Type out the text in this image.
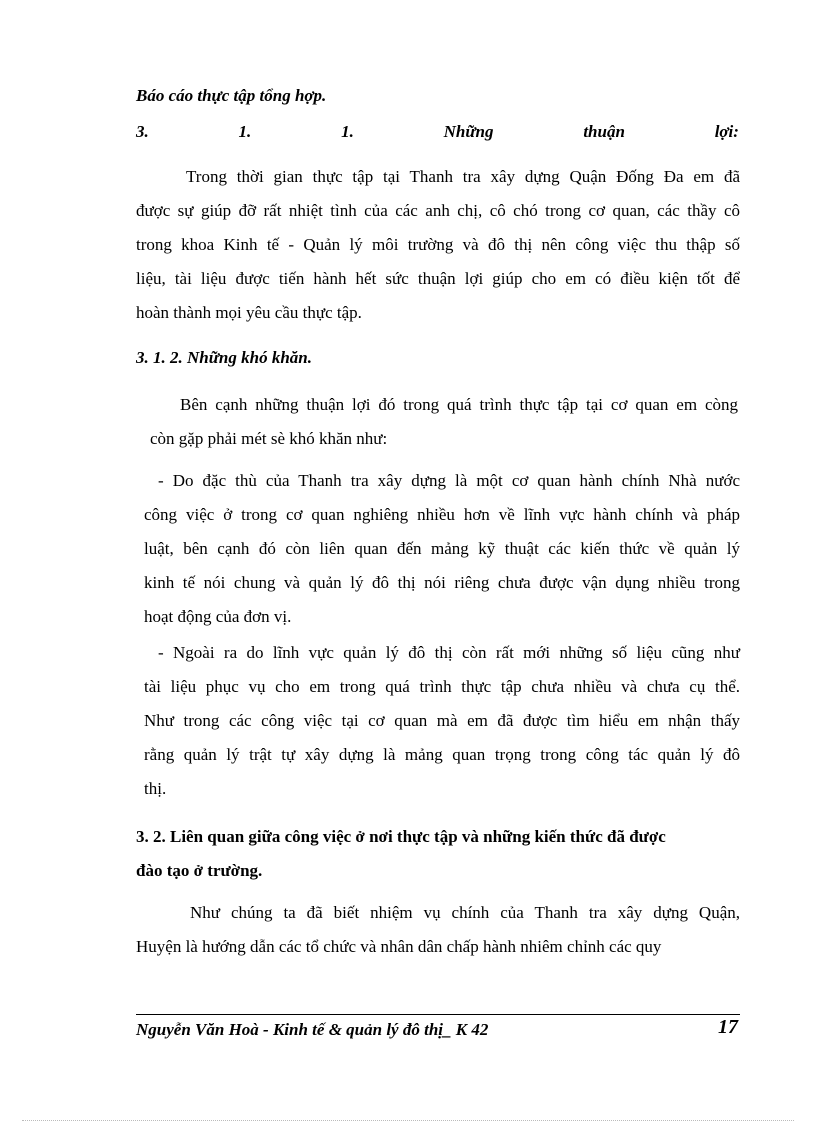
Báo cáo thực tập tổng hợp.
3.	1.	1.	Những	thuận	lợi:
Trong thời gian thực tập tại Thanh tra xây dựng Quận Đống Đa em đã
được sự giúp đỡ rất nhiệt tình của các anh chị, cô chó trong cơ quan, các thầy cô
trong khoa Kinh tế - Quản lý môi trường và đô thị nên công việc thu thập số
liệu, tài liệu được tiến hành hết sức thuận lợi giúp cho em có điều kiện tốt để
hoàn thành mọi yêu cầu thực tập.
3. 1. 2. Những khó khăn.
Bên cạnh những thuận lợi đó trong quá trình thực tập tại cơ quan em còng
còn gặp phải mét sè khó khăn như:
- Do đặc thù của Thanh tra xây dựng là một cơ quan hành chính Nhà nước
công việc ở trong cơ quan nghiêng nhiều hơn về lĩnh vực hành chính và pháp
luật, bên cạnh đó còn liên quan đến mảng kỹ thuật các kiến thức về quản lý
kinh tế nói chung và quản lý đô thị nói riêng chưa được vận dụng nhiều trong
hoạt động của đơn vị.
- Ngoài ra do lĩnh vực quản lý đô thị còn rất mới những số liệu cũng như
tài liệu phục vụ cho em trong quá trình thực tập chưa nhiều và chưa cụ thể.
Như trong các công việc tại cơ quan mà em đã được tìm hiểu em nhận thấy
rằng quản lý trật tự xây dựng là mảng quan trọng trong công tác quản lý đô
thị.
3. 2. Liên quan giữa công việc ở nơi thực tập và những kiến thức đã được
đào tạo ở trường.
Như chúng ta đã biết nhiệm vụ chính của Thanh tra xây dựng Quận,
Huyện là hướng dẫn các tổ chức và nhân dân chấp hành nhiêm chỉnh các quy
Nguyễn Văn Hoà - Kinh tế & quản lý đô thị_ K 42	17
